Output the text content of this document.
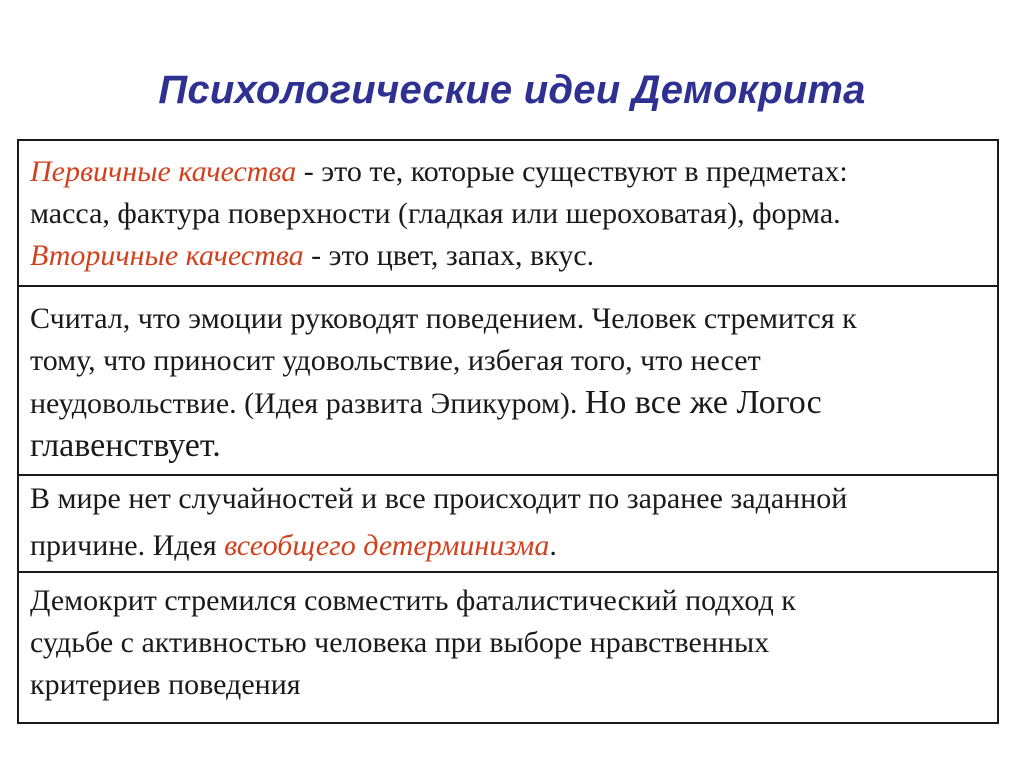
Психологические идеи Демокрита
Первичные качества - это те, которые существуют в предметах:
масса, фактура поверхности (гладкая или шероховатая), форма.
Вторичные качества - это цвет, запах, вкус.
Считал, что эмоции руководят поведением. Человек стремится к
тому, что приносит удовольствие, избегая того, что несет
неудовольствие. (Идея развита Эпикуром). Но все же Логос
главенствует.
В мире нет случайностей и все происходит по заранее заданной
причине. Идея всеобщего детерминизма.
Демокрит стремился совместить фаталистический подход к
судьбе с активностью человека при выборе нравственных
критериев поведения
